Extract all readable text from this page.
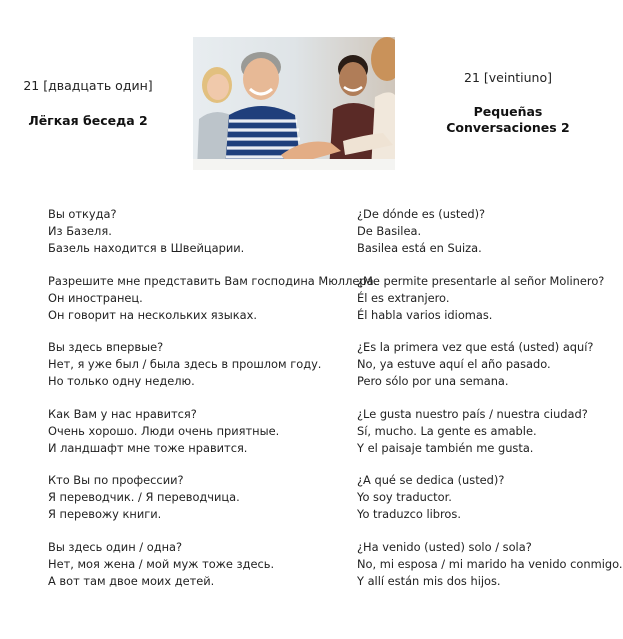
21 [двадцать один]
Лёгкая беседа 2
21 [veintiuno]
Pequeñas
Conversaciones 2
Вы откуда?
Из Базеля.
Базель находится в Швейцарии.
Разрешите мне представить Вам господина Мюллера.
Он иностранец.
Он говорит на нескольких языках.
Вы здесь впервые?
Нет, я уже был / была здесь в прошлом году.
Но только одну неделю.
Как Вам у нас нравится?
Очень хорошо. Люди очень приятные.
И ландшафт мне тоже нравится.
Кто Вы по профессии?
Я переводчик. / Я переводчица.
Я перевожу книги.
Вы здесь один / одна?
Нет, моя жена / мой муж тоже здесь.
А вот там двое моих детей.
¿De dónde es (usted)?
De Basilea.
Basilea está en Suiza.
¿Me permite presentarle al señor Molinero?
Él es extranjero.
Él habla varios idiomas.
¿Es la primera vez que está (usted) aquí?
No, ya estuve aquí el año pasado.
Pero sólo por una semana.
¿Le gusta nuestro país / nuestra ciudad?
Sí, mucho. La gente es amable.
Y el paisaje también me gusta.
¿A qué se dedica (usted)?
Yo soy traductor.
Yo traduzco libros.
¿Ha venido (usted) solo / sola?
No, mi esposa / mi marido ha venido conmigo.
Y allí están mis dos hijos.
